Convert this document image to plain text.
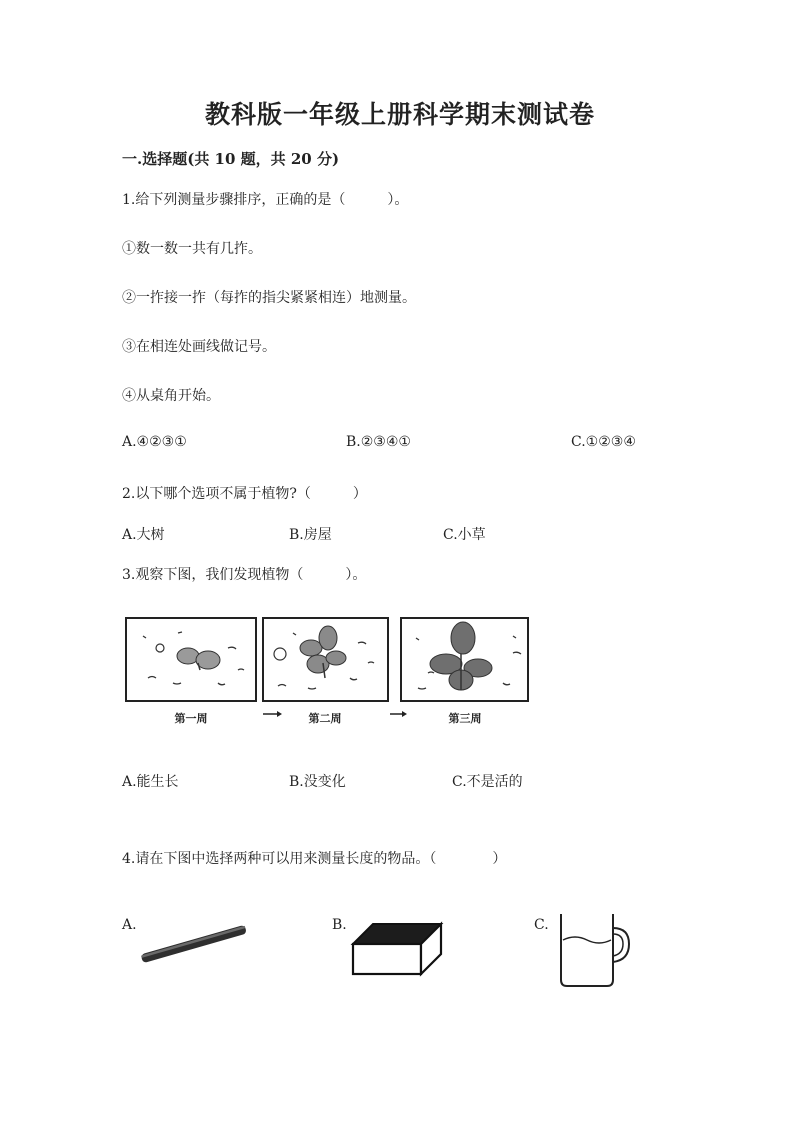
教科版一年级上册科学期末测试卷
一.选择题(共 10 题，共 20 分)
1.给下列测量步骤排序，正确的是（　　　）。
①数一数一共有几拃。
②一拃接一拃（每拃的指尖紧紧相连）地测量。
③在相连处画线做记号。
④从桌角开始。
A.④②③①	B.②③④①	C.①②③④
2.以下哪个选项不属于植物?（　　　）
A.大树	B.房屋	C.小草
3.观察下图，我们发现植物（　　　）。
第一周	第二周	第三周
A.能生长	B.没变化	C.不是活的
4.请在下图中选择两种可以用来测量长度的物品。（　　　　）
A.	B.	C.
